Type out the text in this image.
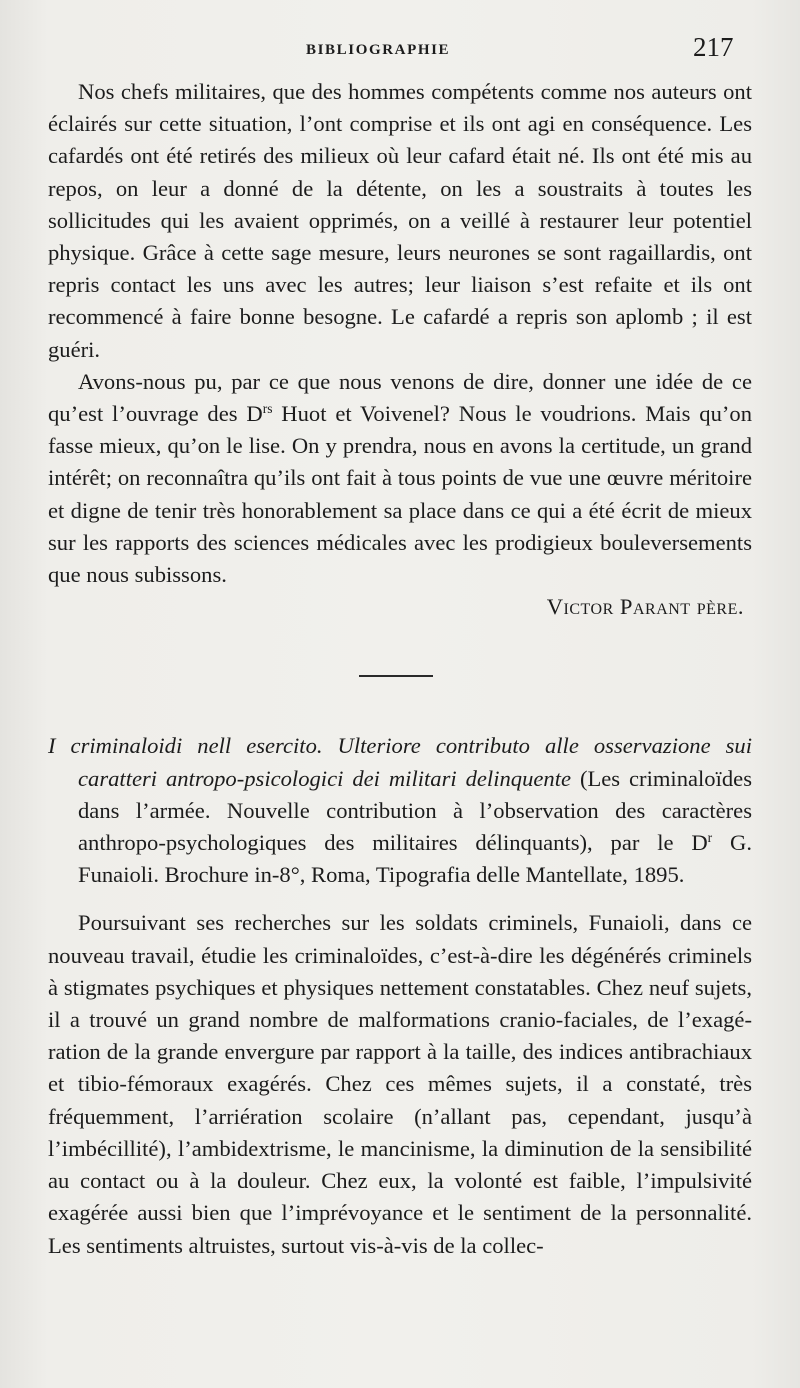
BIBLIOGRAPHIE	217

Nos chefs militaires, que des hommes compétents comme nos auteurs ont éclairés sur cette situation, l’ont comprise et ils ont agi en conséquence. Les cafardés ont été retirés des milieux où leur cafard était né. Ils ont été mis au repos, on leur a donné de la détente, on les a soustraits à toutes les sollicitudes qui les avaient opprimés, on a veillé à restaurer leur potentiel physique. Grâce à cette sage mesure, leurs neurones se sont ragaillardis, ont repris contact les uns avec les autres; leur liaison s’est refaite et ils ont recommencé à faire bonne besogne. Le cafardé a repris son aplomb ; il est guéri.

Avons-nous pu, par ce que nous venons de dire, donner une idée de ce qu’est l’ouvrage des $D^{rs}$ Huot et Voivenel? Nous le voudrions. Mais qu’on fasse mieux, qu’on le lise. On y prendra, nous en avons la certitude, un grand intérêt; on reconnaîtra qu’ils ont fait à tous points de vue une œuvre méritoire et digne de tenir très honorablement sa place dans ce qui a été écrit de mieux sur les rapports des sciences médicales avec les prodigieux bouleversements que nous subissons.

Victor Parant père.

I criminaloidi nell esercito. Ulteriore contributo alle osservazione sui caratteri antropo-psicologici dei militari delinquente (Les criminaloïdes dans l’armée. Nouvelle contribution à l’observation des caractères anthropo-psychologiques des militaires délinquants), par le $D^r$ G. Funaioli. Brochure in-8°, Roma, Tipografia delle Mantellate, 1895.

Poursuivant ses recherches sur les soldats criminels, Funaioli, dans ce nouveau travail, étudie les criminaloïdes, c’est-à-dire les dégénérés criminels à stigmates psychiques et physiques nettement constatables. Chez neuf sujets, il a trouvé un grand nombre de malformations cranio-faciales, de l’exagération de la grande envergure par rapport à la taille, des indices antibrachiaux et tibio-fémoraux exagérés. Chez ces mêmes sujets, il a constaté, très fréquemment, l’arriération scolaire (n’allant pas, cependant, jusqu’à l’imbécillité), l’ambidextrisme, le mancinisme, la diminution de la sensibilité au contact ou à la douleur. Chez eux, la volonté est faible, l’impulsivité exagérée aussi bien que l’imprévoyance et le sentiment de la personnalité. Les sentiments altruistes, surtout vis-à-vis de la collec-
